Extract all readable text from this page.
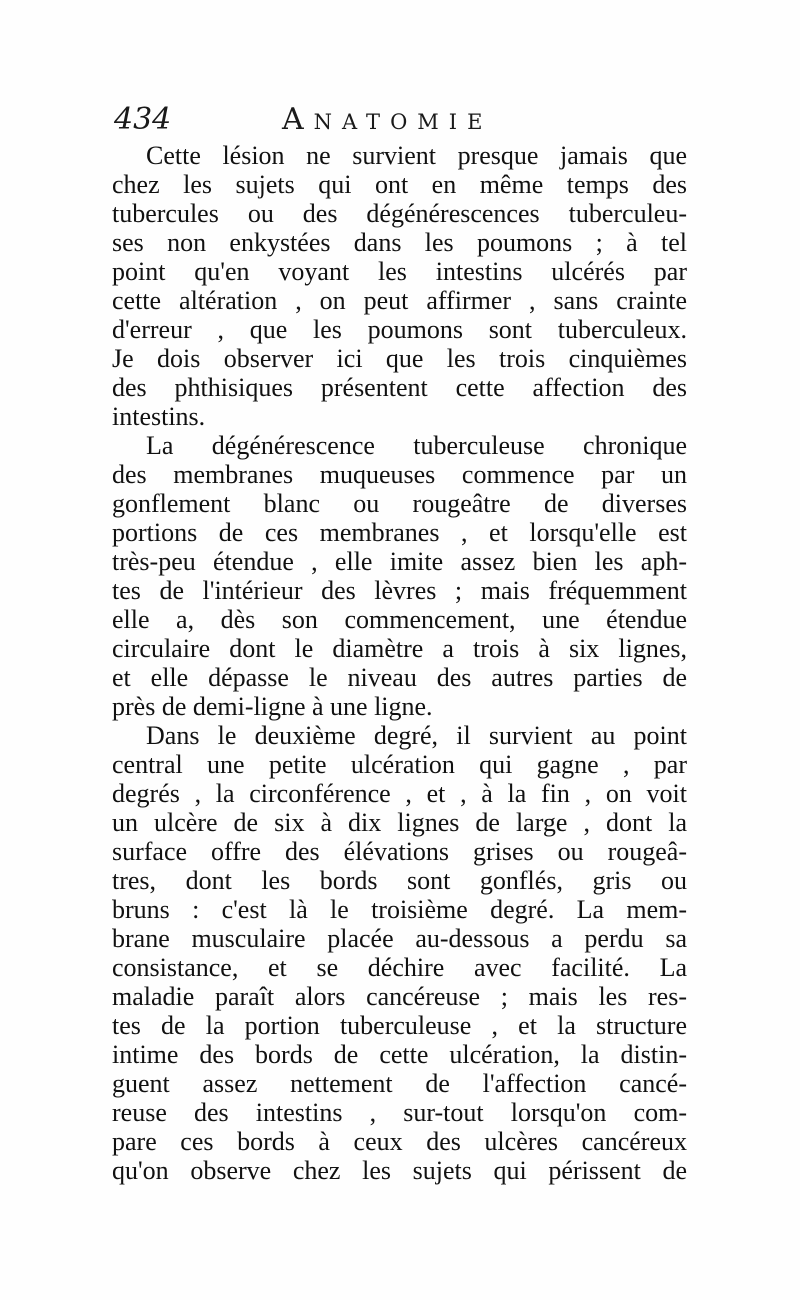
434	Anatomie
Cette lésion ne survient presque jamais que
chez les sujets qui ont en même temps des
tubercules ou des dégénérescences tuberculeu-
ses non enkystées dans les poumons ; à tel
point qu'en voyant les intestins ulcérés par
cette altération , on peut affirmer , sans crainte
d'erreur , que les poumons sont tuberculeux.
Je dois observer ici que les trois cinquièmes
des phthisiques présentent cette affection des
intestins.
La dégénérescence tuberculeuse chronique
des membranes muqueuses commence par un
gonflement blanc ou rougeâtre de diverses
portions de ces membranes , et lorsqu'elle est
très-peu étendue , elle imite assez bien les aph-
tes de l'intérieur des lèvres ; mais fréquemment
elle a, dès son commencement, une étendue
circulaire dont le diamètre a trois à six lignes,
et elle dépasse le niveau des autres parties de
près de demi-ligne à une ligne.
Dans le deuxième degré, il survient au point
central une petite ulcération qui gagne , par
degrés , la circonférence , et , à la fin , on voit
un ulcère de six à dix lignes de large , dont la
surface offre des élévations grises ou rougeâ-
tres, dont les bords sont gonflés, gris ou
bruns : c'est là le troisième degré. La mem-
brane musculaire placée au-dessous a perdu sa
consistance, et se déchire avec facilité. La
maladie paraît alors cancéreuse ; mais les res-
tes de la portion tuberculeuse , et la structure
intime des bords de cette ulcération, la distin-
guent assez nettement de l'affection cancé-
reuse des intestins , sur-tout lorsqu'on com-
pare ces bords à ceux des ulcères cancéreux
qu'on observe chez les sujets qui périssent de
